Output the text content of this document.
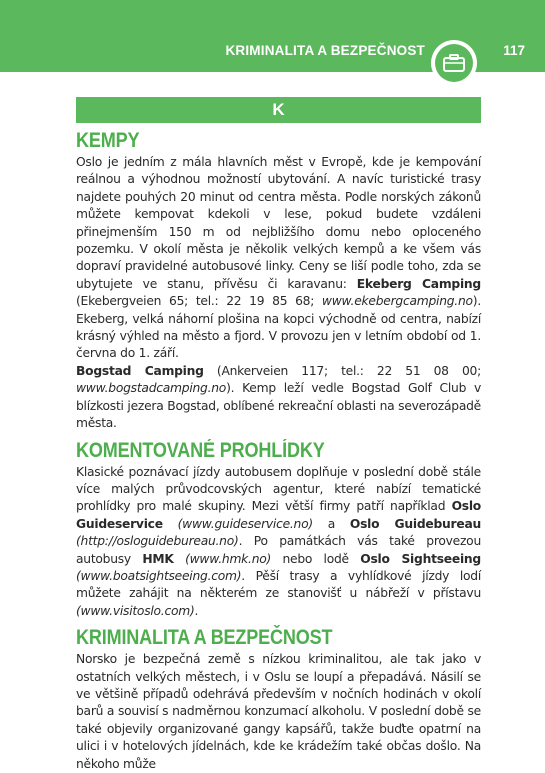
KRIMINALITA A BEZPEČNOST	117
K
KEMPY

Oslo je jedním z mála hlavních měst v Evropě, kde je kempování reálnou a výhodnou možností ubytování. A navíc turistické trasy najdete pouhých 20 minut od centra města. Podle norských zákonů můžete kempovat kdekoli v lese, pokud budete vzdáleni přinejmenším 150 m od nejbližšího domu nebo oploceného pozemku. V okolí města je několik velkých kempů a ke všem vás dopraví pravidelné autobusové linky. Ceny se liší podle toho, zda se ubytujete ve stanu, přívěsu či karavanu: Ekeberg Camping (Ekebergveien 65; tel.: 22 19 85 68; www.ekebergcamping.no). Ekeberg, velká náhorní plošina na kopci východně od centra, nabízí krásný výhled na město a fjord. V provozu jen v letním období od 1. června do 1. září.

Bogstad Camping (Ankerveien 117; tel.: 22 51 08 00; www.bogstadcamping.no). Kemp leží vedle Bogstad Golf Club v blízkosti jezera Bogstad, oblíbené rekreační oblasti na severozápadě města.

KOMENTOVANÉ PROHLÍDKY

Klasické poznávací jízdy autobusem doplňuje v poslední době stále více malých průvodcovských agentur, které nabízí tematické prohlídky pro malé skupiny. Mezi větší firmy patří například Oslo Guideservice (www.guideservice.no) a Oslo Guidebureau (http://osloguidebureau.no). Po památkách vás také provezou autobusy HMK (www.hmk.no) nebo lodě Oslo Sightseeing (www.boatsightseeing.com). Pěší trasy a vyhlídkové jízdy lodí můžete zahájit na některém ze stanovišť u nábřeží v přístavu (www.visitoslo.com).

KRIMINALITA A BEZPEČNOST

Norsko je bezpečná země s nízkou kriminalitou, ale tak jako v ostatních velkých městech, i v Oslu se loupí a přepadává. Násilí se ve většině případů odehrává především v nočních hodinách v okolí barů a souvisí s nadměrnou konzumací alkoholu. V poslední době se také objevily organizované gangy kapsářů, takže buďte opatrní na ulici i v hotelových jídelnách, kde ke krádežím také občas došlo. Na někoho může
